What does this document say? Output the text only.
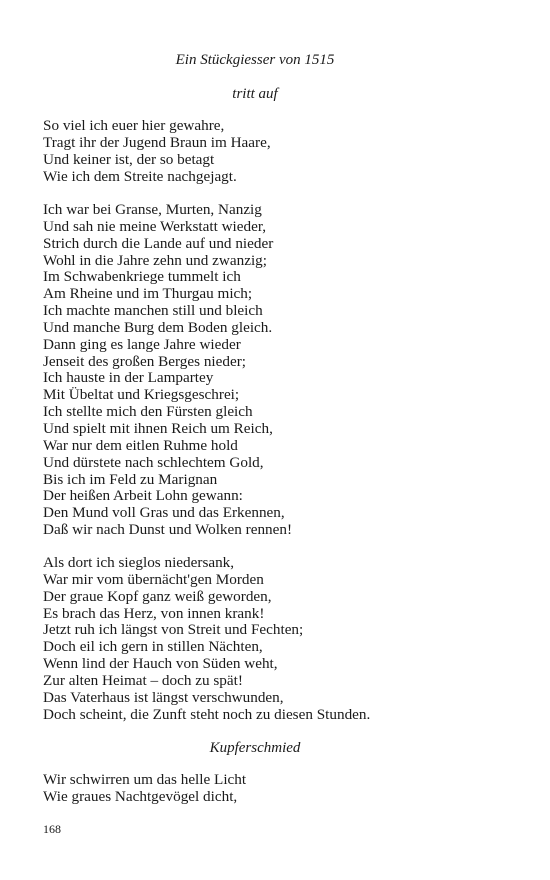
Ein Stückgiesser von 1515
tritt auf
So viel ich euer hier gewahre,
Tragt ihr der Jugend Braun im Haare,
Und keiner ist, der so betagt
Wie ich dem Streite nachgejagt.
Ich war bei Granse, Murten, Nanzig
Und sah nie meine Werkstatt wieder,
Strich durch die Lande auf und nieder
Wohl in die Jahre zehn und zwanzig;
Im Schwabenkriege tummelt ich
Am Rheine und im Thurgau mich;
Ich machte manchen still und bleich
Und manche Burg dem Boden gleich.
Dann ging es lange Jahre wieder
Jenseit des großen Berges nieder;
Ich hauste in der Lampartey
Mit Übeltat und Kriegsgeschrei;
Ich stellte mich den Fürsten gleich
Und spielt mit ihnen Reich um Reich,
War nur dem eitlen Ruhme hold
Und dürstete nach schlechtem Gold,
Bis ich im Feld zu Marignan
Der heißen Arbeit Lohn gewann:
Den Mund voll Gras und das Erkennen,
Daß wir nach Dunst und Wolken rennen!
Als dort ich sieglos niedersank,
War mir vom übernächt'gen Morden
Der graue Kopf ganz weiß geworden,
Es brach das Herz, von innen krank!
Jetzt ruh ich längst von Streit und Fechten;
Doch eil ich gern in stillen Nächten,
Wenn lind der Hauch von Süden weht,
Zur alten Heimat – doch zu spät!
Das Vaterhaus ist längst verschwunden,
Doch scheint, die Zunft steht noch zu diesen Stunden.
Kupferschmied
Wir schwirren um das helle Licht
Wie graues Nachtgevögel dicht,
168
